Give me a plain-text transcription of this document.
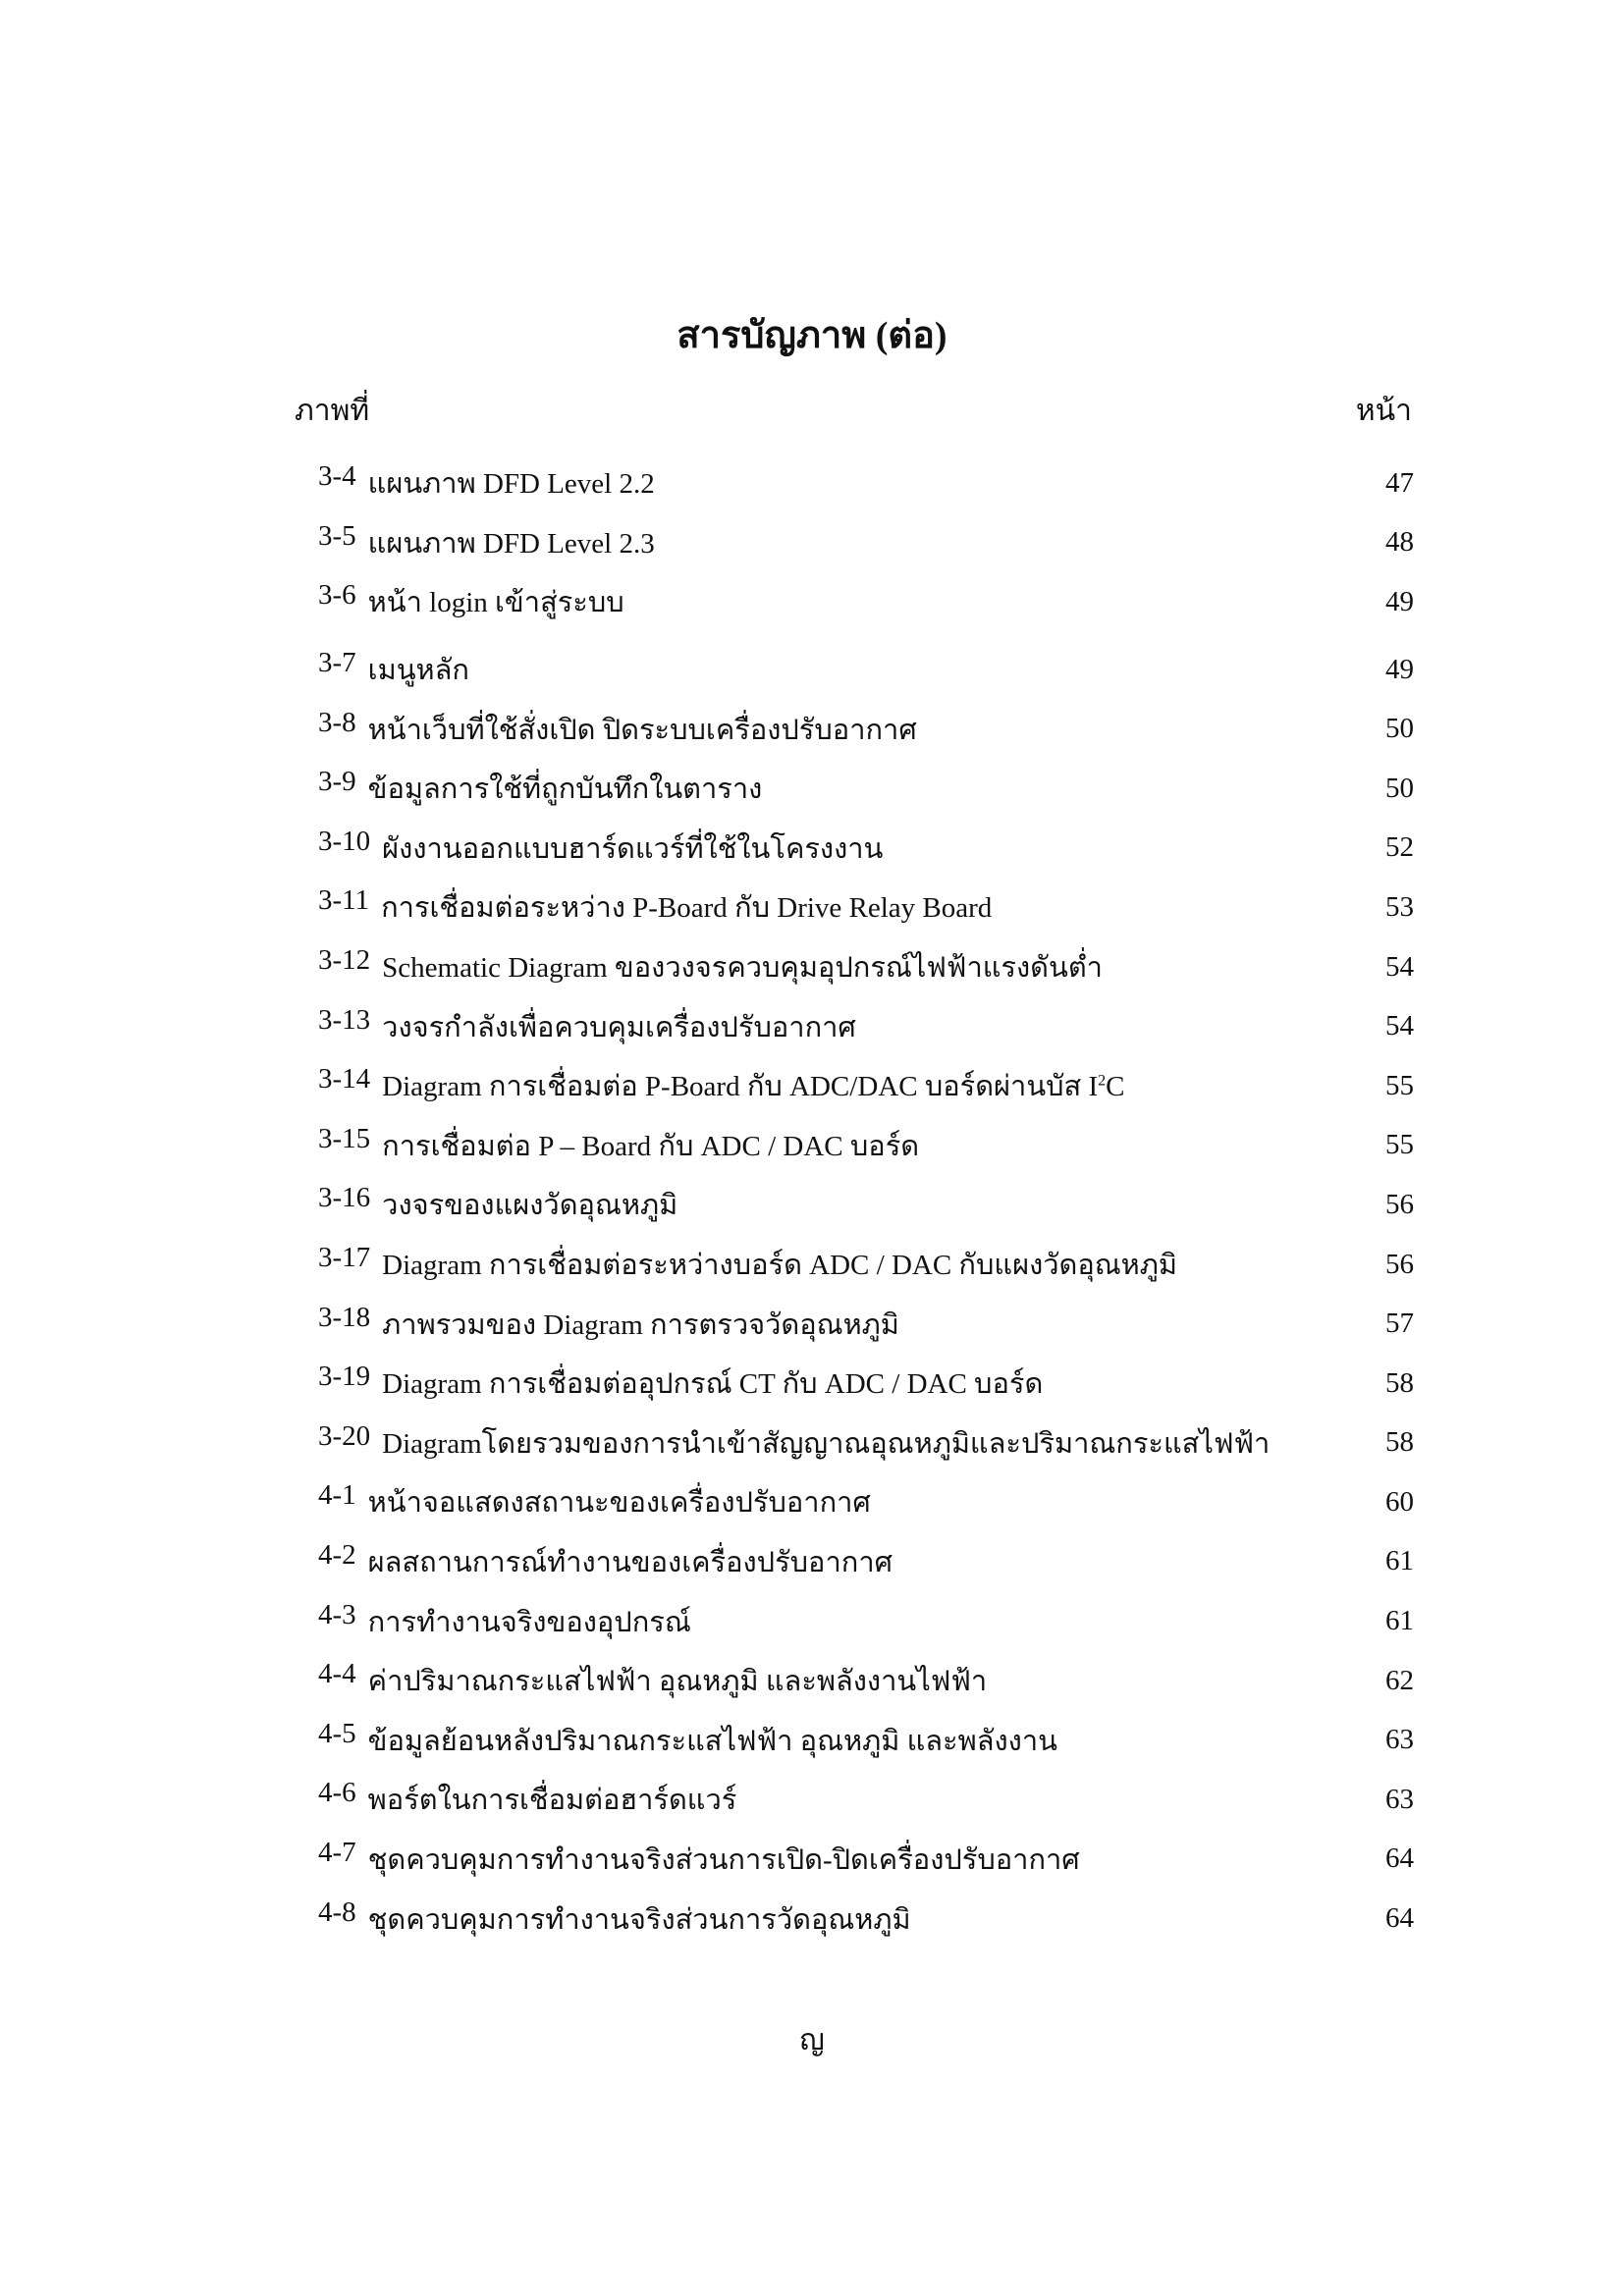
สารบัญภาพ (ต่อ)
ภาพที่	หน้า
3-4 แผนภาพ DFD Level 2.2	47
3-5 แผนภาพ DFD Level 2.3	48
3-6 หน้า login เข้าสู่ระบบ	49
3-7 เมนูหลัก	49
3-8 หน้าเว็บที่ใช้สั่งเปิด ปิดระบบเครื่องปรับอากาศ	50
3-9 ข้อมูลการใช้ที่ถูกบันทึกในตาราง	50
3-10 ผังงานออกแบบฮาร์ดแวร์ที่ใช้ในโครงงาน	52
3-11 การเชื่อมต่อระหว่าง P-Board กับ Drive Relay Board	53
3-12 Schematic Diagram ของวงจรควบคุมอุปกรณ์ไฟฟ้าแรงดันต่ำ	54
3-13 วงจรกำลังเพื่อควบคุมเครื่องปรับอากาศ	54
3-14 Diagram การเชื่อมต่อ P-Board กับ ADC/DAC บอร์ดผ่านบัส $I^2C$	55
3-15 การเชื่อมต่อ P – Board กับ ADC / DAC บอร์ด	55
3-16 วงจรของแผงวัดอุณหภูมิ	56
3-17 Diagram การเชื่อมต่อระหว่างบอร์ด ADC / DAC กับแผงวัดอุณหภูมิ	56
3-18 ภาพรวมของ Diagram การตรวจวัดอุณหภูมิ	57
3-19 Diagram การเชื่อมต่ออุปกรณ์ CT กับ ADC / DAC บอร์ด	58
3-20 Diagramโดยรวมของการนำเข้าสัญญาณอุณหภูมิและปริมาณกระแสไฟฟ้า	58
4-1 หน้าจอแสดงสถานะของเครื่องปรับอากาศ	60
4-2 ผลสถานการณ์ทำงานของเครื่องปรับอากาศ	61
4-3 การทำงานจริงของอุปกรณ์	61
4-4 ค่าปริมาณกระแสไฟฟ้า อุณหภูมิ และพลังงานไฟฟ้า	62
4-5 ข้อมูลย้อนหลังปริมาณกระแสไฟฟ้า อุณหภูมิ และพลังงาน	63
4-6 พอร์ตในการเชื่อมต่อฮาร์ดแวร์	63
4-7 ชุดควบคุมการทำงานจริงส่วนการเปิด-ปิดเครื่องปรับอากาศ	64
4-8 ชุดควบคุมการทำงานจริงส่วนการวัดอุณหภูมิ	64
ญ
